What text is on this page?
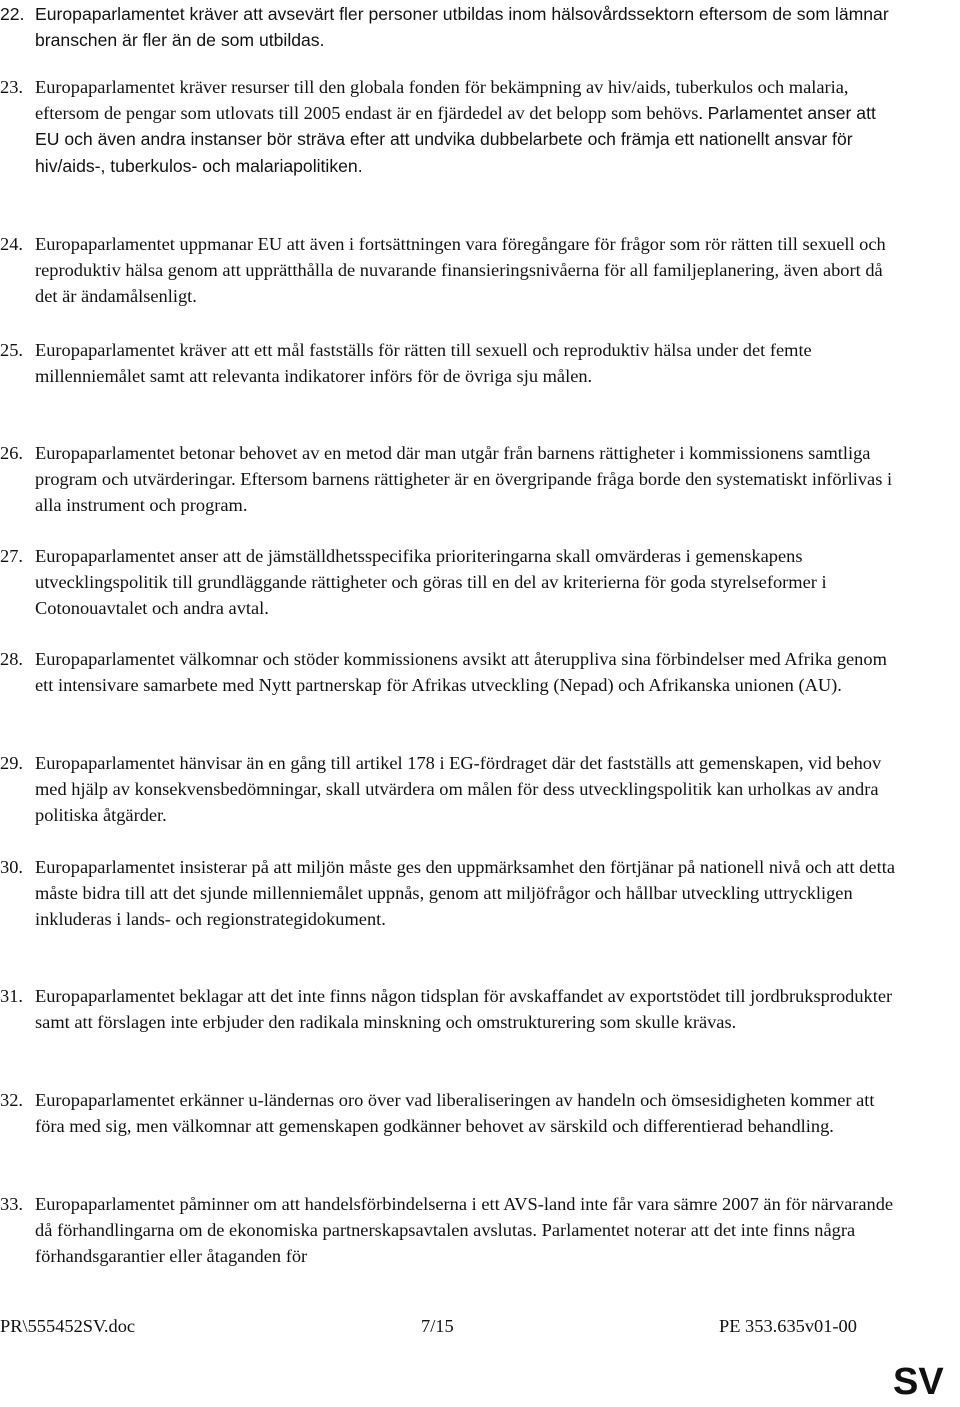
22. Europaparlamentet kräver att avsevärt fler personer utbildas inom hälsovårdssektorn eftersom de som lämnar branschen är fler än de som utbildas.
23. Europaparlamentet kräver resurser till den globala fonden för bekämpning av hiv/aids, tuberkulos och malaria, eftersom de pengar som utlovats till 2005 endast är en fjärdedel av det belopp som behövs. Parlamentet anser att EU och även andra instanser bör sträva efter att undvika dubbelarbete och främja ett nationellt ansvar för hiv/aids-, tuberkulos- och malariapolitiken.
24. Europaparlamentet uppmanar EU att även i fortsättningen vara föregångare för frågor som rör rätten till sexuell och reproduktiv hälsa genom att upprätthålla de nuvarande finansieringsnivåerna för all familjeplanering, även abort då det är ändamålsenligt.
25. Europaparlamentet kräver att ett mål fastställs för rätten till sexuell och reproduktiv hälsa under det femte millenniemålet samt att relevanta indikatorer införs för de övriga sju målen.
26. Europaparlamentet betonar behovet av en metod där man utgår från barnens rättigheter i kommissionens samtliga program och utvärderingar. Eftersom barnens rättigheter är en övergripande fråga borde den systematiskt införlivas i alla instrument och program.
27. Europaparlamentet anser att de jämställdhetsspecifika prioriteringarna skall omvärderas i gemenskapens utvecklingspolitik till grundläggande rättigheter och göras till en del av kriterierna för goda styrelseformer i Cotonouavtalet och andra avtal.
28. Europaparlamentet välkomnar och stöder kommissionens avsikt att återuppliva sina förbindelser med Afrika genom ett intensivare samarbete med Nytt partnerskap för Afrikas utveckling (Nepad) och Afrikanska unionen (AU).
29. Europaparlamentet hänvisar än en gång till artikel 178 i EG-fördraget där det fastställs att gemenskapen, vid behov med hjälp av konsekvensbedömningar, skall utvärdera om målen för dess utvecklingspolitik kan urholkas av andra politiska åtgärder.
30. Europaparlamentet insisterar på att miljön måste ges den uppmärksamhet den förtjänar på nationell nivå och att detta måste bidra till att det sjunde millenniemålet uppnås, genom att miljöfrågor och hållbar utveckling uttryckligen inkluderas i lands- och regionstrategidokument.
31. Europaparlamentet beklagar att det inte finns någon tidsplan för avskaffandet av exportstödet till jordbruksprodukter samt att förslagen inte erbjuder den radikala minskning och omstrukturering som skulle krävas.
32. Europaparlamentet erkänner u-ländernas oro över vad liberaliseringen av handeln och ömsesidigheten kommer att föra med sig, men välkomnar att gemenskapen godkänner behovet av särskild och differentierad behandling.
33. Europaparlamentet påminner om att handelsförbindelserna i ett AVS-land inte får vara sämre 2007 än för närvarande då förhandlingarna om de ekonomiska partnerskapsavtalen avslutas. Parlamentet noterar att det inte finns några förhandsgarantier eller åtaganden för
PR\555452SV.doc	7/15	PE 353.635v01-00
SV
